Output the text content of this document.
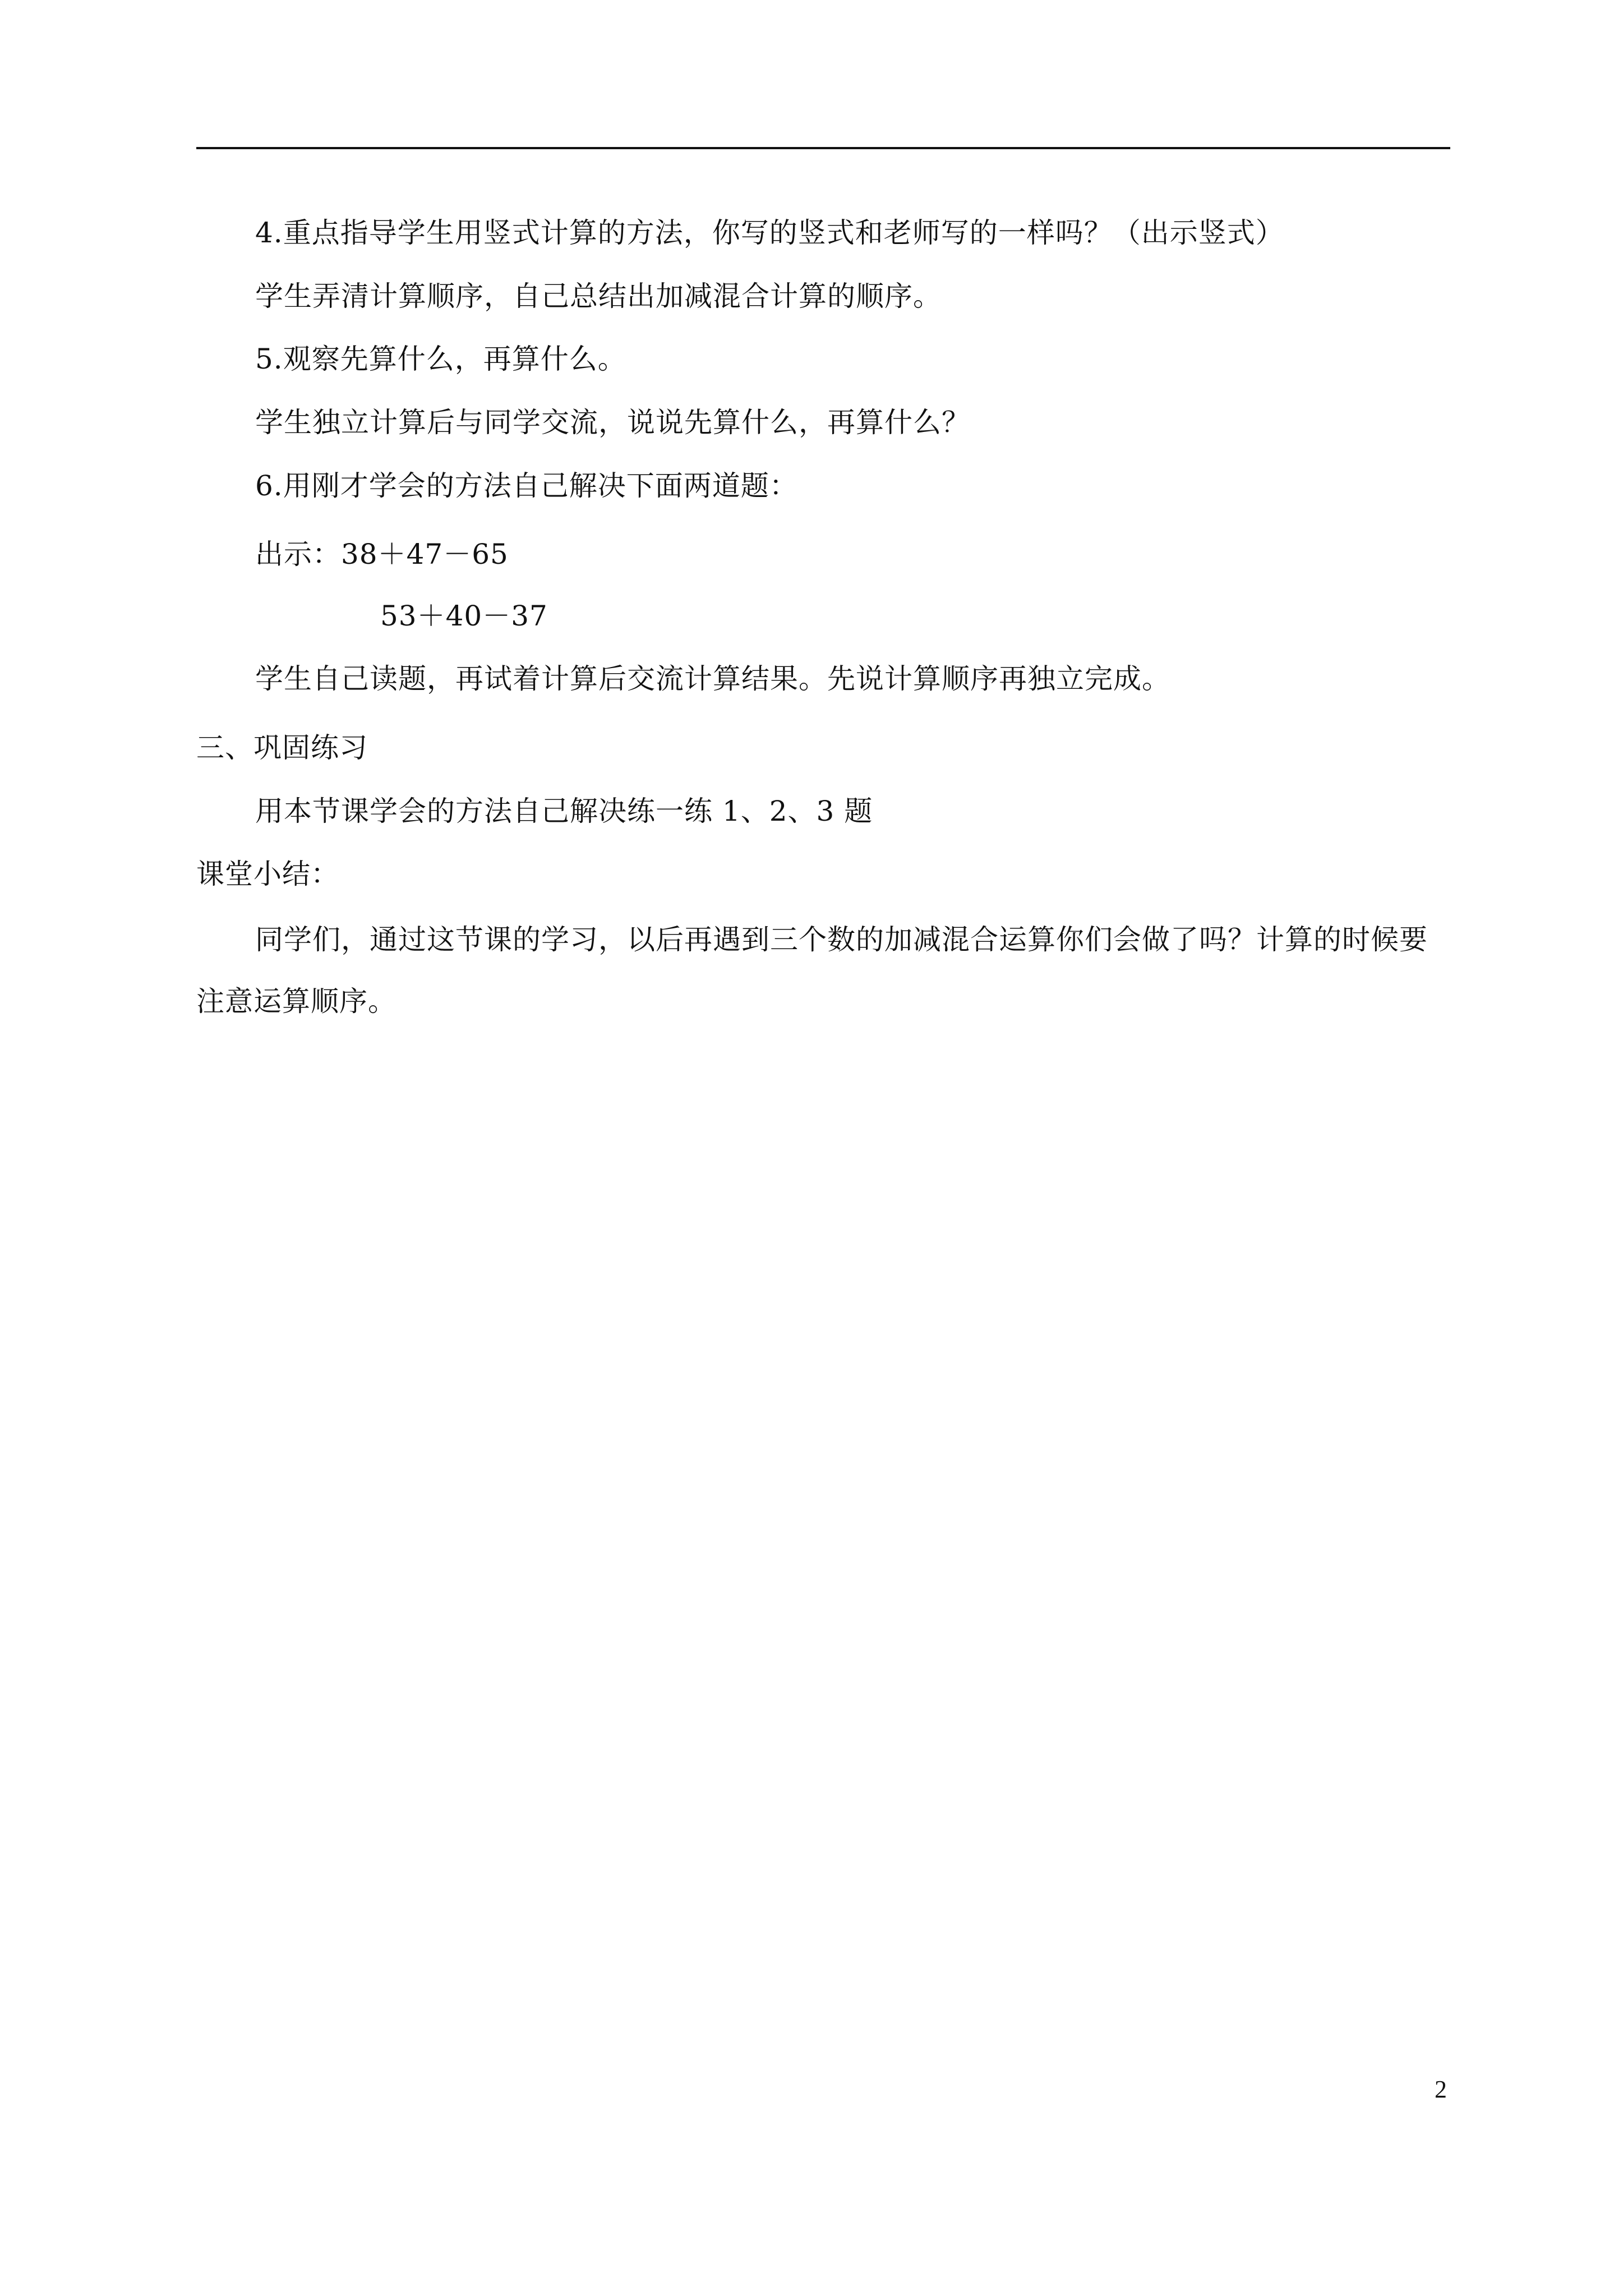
4.重点指导学生用竖式计算的方法，你写的竖式和老师写的一样吗？（出示竖式）
学生弄清计算顺序，自己总结出加减混合计算的顺序。
5.观察先算什么，再算什么。
学生独立计算后与同学交流，说说先算什么，再算什么？
6.用刚才学会的方法自己解决下面两道题：
出示：38＋47－65
53＋40－37
学生自己读题，再试着计算后交流计算结果。先说计算顺序再独立完成。
三、巩固练习
用本节课学会的方法自己解决练一练 1、2、3 题
课堂小结：
同学们，通过这节课的学习，以后再遇到三个数的加减混合运算你们会做了吗？计算的时候要
注意运算顺序。
2
